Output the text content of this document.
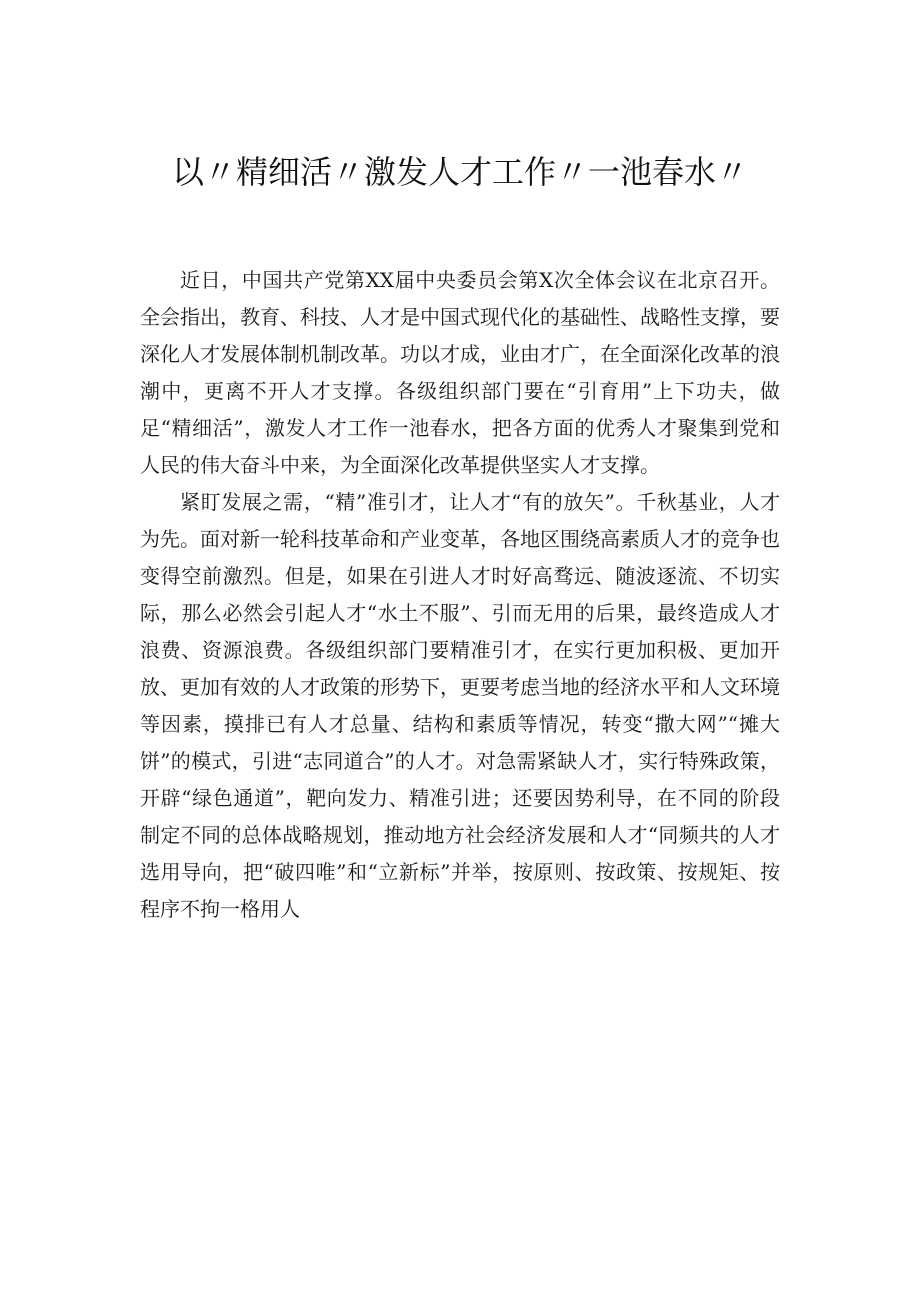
以〃精细活〃激发人才工作〃一池春水〃

近日，中国共产党第XX届中央委员会第X次全体会议在北京召开。全会指出，教育、科技、人才是中国式现代化的基础性、战略性支撑，要深化人才发展体制机制改革。功以才成，业由才广，在全面深化改革的浪潮中，更离不开人才支撑。各级组织部门要在“引育用”上下功夫，做足“精细活”，激发人才工作一池春水，把各方面的优秀人才聚集到党和人民的伟大奋斗中来，为全面深化改革提供坚实人才支撑。

紧盯发展之需，“精”准引才，让人才“有的放矢”。千秋基业，人才为先。面对新一轮科技革命和产业变革，各地区围绕高素质人才的竞争也变得空前激烈。但是，如果在引进人才时好高骛远、随波逐流、不切实际，那么必然会引起人才“水土不服”、引而无用的后果，最终造成人才浪费、资源浪费。各级组织部门要精准引才，在实行更加积极、更加开放、更加有效的人才政策的形势下，更要考虑当地的经济水平和人文环境等因素，摸排已有人才总量、结构和素质等情况，转变“撒大网”“摊大饼”的模式，引进“志同道合”的人才。对急需紧缺人才，实行特殊政策，开辟“绿色通道”，靶向发力、精准引进；还要因势利导，在不同的阶段制定不同的总体战略规划，推动地方社会经济发展和人才“同频共的人才选用导向，把“破四唯”和“立新标”并举，按原则、按政策、按规矩、按程序不拘一格用人
